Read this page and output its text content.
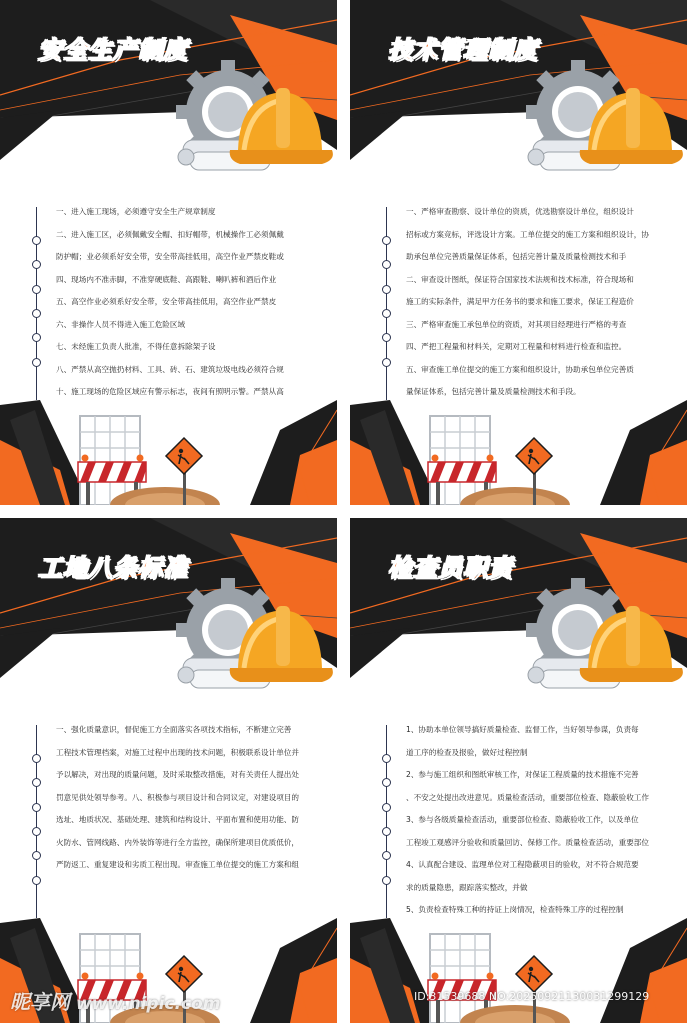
安全生产制度

一、进入施工现场，必须遵守安全生产规章制度

二、进入施工区，必须佩戴安全帽、扣好帽带，机械操作工必须佩戴

防护帽；业必须系好安全带，安全带高挂低用，高空作业严禁皮鞋或

四、现场内不准赤脚，不准穿硬底鞋、高跟鞋、喇叭裤和酒后作业

五、高空作业必须系好安全带，安全带高挂低用，高空作业严禁皮

六、非操作人员不得进入施工危险区域

七、未经施工负责人批准，不得任意拆除架子设

八、严禁从高空抛扔材料、工具、砖、石、建筑垃圾电线必须符合规

十、施工现场的危险区域应有警示标志，夜间有照明示警。严禁从高

技术管理制度

一、严格审查勘察、设计单位的资质，优选勘察设计单位，组织设计

招标或方案竞标，评选设计方案。工单位提交的施工方案和组织设计，协

助承包单位完善质量保证体系，包括完善计量及质量检测技术和手

二、审查设计图纸，保证符合国家技术法规和技术标准，符合现场和

施工的实际条件，满足甲方任务书的要求和施工要求，保证工程造价

三、严格审查施工承包单位的资质，对其项目经理进行严格的考查

四、严把工程量和材料关，定期对工程量和材料进行检查和监控。

五、审查施工单位提交的施工方案和组织设计，协助承包单位完善质

量保证体系，包括完善计量及质量检测技术和手段。

工地八条标准

一、强化质量意识，督促施工方全面落实各项技术指标，不断建立完善

工程技术管理档案，对施工过程中出现的技术问题，积极联系设计单位并

予以解决，对出现的质量问题，及时采取整改措施，对有关责任人提出处

罚意见供处领导参考。八、积极参与项目设计和合同议定，对建设项目的

选址、地质状况、基础处理、建筑和结构设计、平面布置和使用功能、防

火防水、管网线路、内外装饰等进行全方监控，确保所建项目优质低价，

严防返工、重复建设和劣质工程出现。审查施工单位提交的施工方案和组

检查员职责

1、协助本单位领导搞好质量检查、监督工作，当好领导参谋，负责每

道工序的检查及报验，做好过程控制

2、参与施工组织和图纸审核工作，对保证工程质量的技术措施不完善

、不安之处提出改进意见。质量检查活动，重要部位检查、隐蔽验收工作

3、参与各级质量检查活动，重要部位检查、隐蔽验收工作，以及单位

工程竣工观感评分验收和质量回访、保修工作。质量检查活动，重要部位

4、认真配合建设、监理单位对工程隐蔽项目的验收，对不符合规范要

求的质量隐患，跟踪落实整改，并做

5、负责检查特殊工种的持证上岗情况，检查特殊工序的过程控制

昵享网 www.nipic.com	ID:31539688 NO:20250921130031299129
